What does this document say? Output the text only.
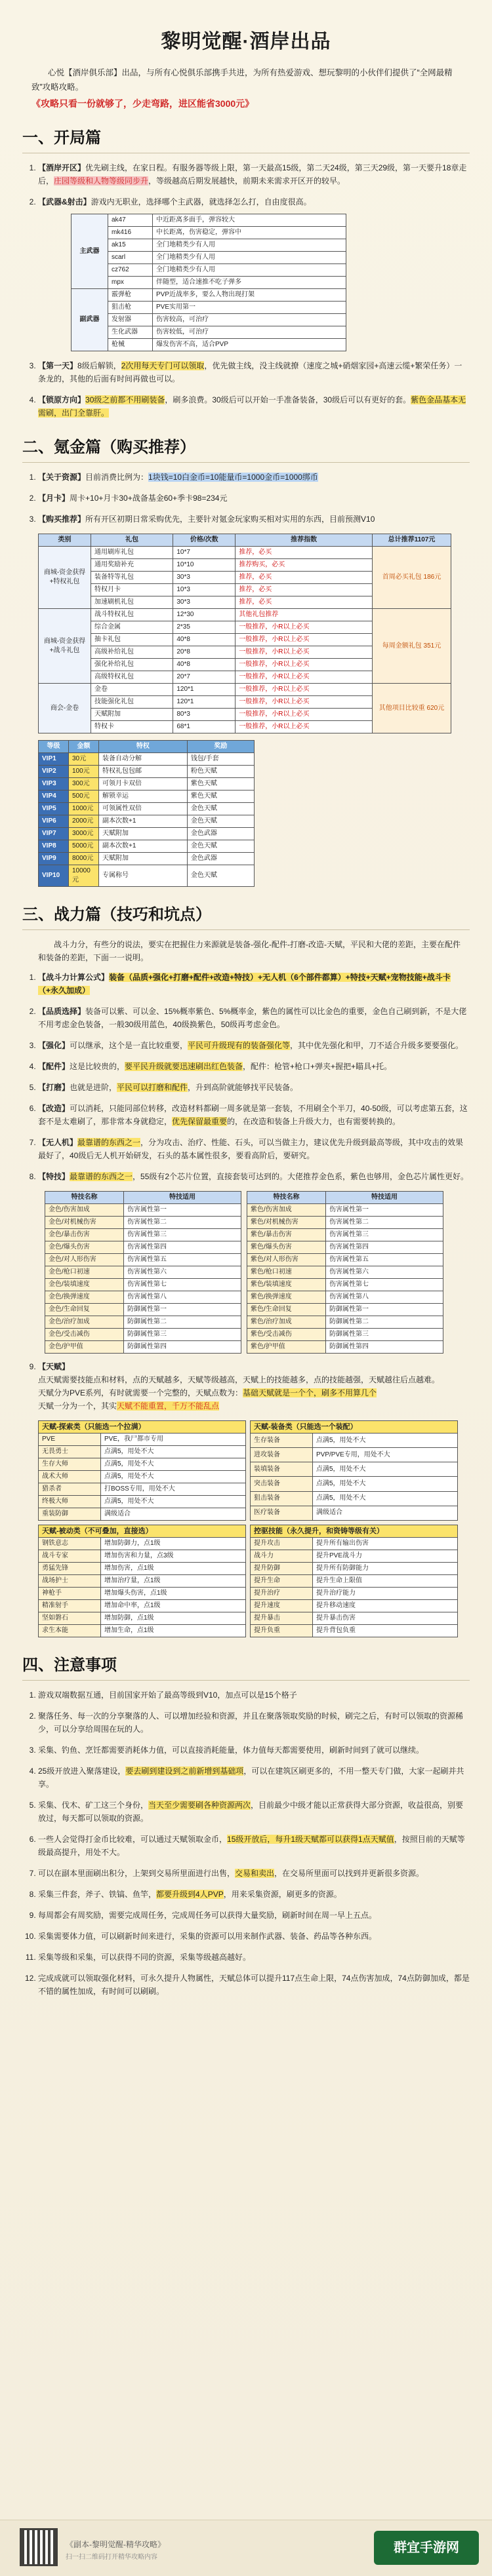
黎明觉醒·酒岸出品

心悦【酒岸俱乐部】出品，与所有心悦俱乐部携手共进，为所有热爱游戏、想玩黎明的小伙伴们提供了“全网最精致”攻略攻略。

《攻略只看一份就够了，少走弯路，进区能省3000元》
一、开局篇
1. 【酒岸开区】优先刷主线，在家日程。有服务器等级上限，第一天最高15级，第二天24级，第三天29级，第一天要升18章走后，庄园等级和人物等级同步升，等级越高后期发展越快，前期未来需求开区开的较早。
2. 【武器&射击】游戏内无职业，选择哪个主武器，就选择怎么打，自由度很高。
主武器	ak47	中近距离多面手，弹容较大
	mk416	中长距离，伤害稳定，弹容中
	ak15	全门地精类少有人用
	scarl	全门地精类少有人用
	cz762	全门地精类少有人用
	mpx	伴随型，适合速推不吃子弹多
副武器	霰弹枪	PVP近战率多，要么人物出现打架
	狙击枪	PVE实用第一
	发射器	伤害较高，可治疗
	生化武器	伤害较低，可治疗
	枪械	爆发伤害不高，适合PVP
3. 【第一天】8级后解锁，2次用每天专门可以领取，优先做主线，没主线就撩（速度之城+硝烟家园+高速云缆+繁荣任务）一条龙的，其他的后面有时间再做也可以。
4. 【锁原方向】30级之前都不用刷装备，刷多浪费。30级后可以开始一手准备装备，30级后可以有更好的套。紫色金品基本无需刷，出门全靠肝。
二、氪金篇（购买推荐）
1. 【关于资源】目前消费比例为：1块钱=10白金币=10能量币=1000金币=1000绑币
2. 【月卡】周卡+10+月卡30+战备基金60+季卡98=234元
3. 【购买推荐】所有开区初期日常采购优先，主要针对氪金玩家购买相对实用的东西，目前预测V10
类别	礼包	价格/次数	推荐指数	总计推荐1107元
商城-资金获得+特权礼包	通用刷库礼包	10*7	推荐，必买	首周必买礼包 186元
	通用奖励补充	10*10	推荐购买，必买	
	装备特等礼包	30*3	推荐，必买	
	特权月卡	10*3	推荐，必买	
	加速刷机礼包	30*3	推荐，必买	
商城-资金获得+战斗礼包	战斗特权礼包	12*30	其他礼包推荐	每周金额礼包 351元
	综合金属	2*35	一般推荐，小R以上必买	
	抽卡礼包	40*8	一般推荐，小R以上必买	
	高级补给礼包	20*8	一般推荐，小R以上必买	
	强化补给礼包	40*8	一般推荐，小R以上必买	
	高级特权礼包	20*7	一般推荐，小R以上必买	
商会-金卷	金卷	120*1	一般推荐，小R以上必买	其他项目比较重 620元
	技能强化礼包	120*1	一般推荐，小R以上必买	
	天赋附加	80*3	一般推荐，小R以上必买	
	特权卡	68*1	一般推荐，小R以上必买	
等级	金额	特权	奖励
VIP1	30元	装备自动分解	钱包/手套
VIP2	100元	特权礼包包邮	粉色天赋
VIP3	300元	可领月卡双倍	紫色天赋
VIP4	500元	解锁幸运	紫色天赋
VIP5	1000元	可领属性双倍	金色天赋
VIP6	2000元	副本次数+1	金色天赋
VIP7	3000元	天赋附加	金色武器
VIP8	5000元	副本次数+1	金色天赋
VIP9	8000元	天赋附加	金色武器
VIP10	10000元	专属称号	金色天赋
三、战力篇（技巧和坑点）

战斗力分，有些分的说法，要实在把握住力来源就是装备-强化-配件-打磨-改造-天赋，平民和大佬的差距，主要在配件和装备的差距，下面一一说明。

1. 【战斗力计算公式】装备（品质+强化+打磨+配件+改造+特技）+无人机（6个部件都算）+特技+天赋+宠物技能+战斗卡（+永久加成）
2. 【品质选择】装备可以紫、可以金、15%概率紫色、5%概率金，紫色的属性可以比金色的重要，金色自己刷到新，不是大佬不用考虑金色装备，一般30级用蓝色，40级换紫色，50级再考虑金色。
3. 【强化】可以继承，这个是一直比较重要，平民可升级现有的装备强化等，其中优先强化和甲，刀不适合升级多要要强化。
4. 【配件】这是比较贵的，要平民升级就要迅速刷出红色装备，配件：枪管+枪口+弹夹+握把+瞄具+托。
5. 【打磨】也就是进阶，平民可以打磨和配件，升到高阶就能够找平民装备。
6. 【改造】可以消耗，只能同部位转移，改造材料都刷一周多就是第一套装，不用刷全个半刀，40-50级，可以考虑第五套，这套不是太难刷了，那非常本身就稳定，优先保留最重要的，在改造和装备上升级大力，也有需要转换的。
7. 【无人机】最靠谱的东西之一，分为攻击、治疗、性能、石头，可以当做主力，建议优先升级到最高等级，其中攻击的效果最好了，40级后无人机开始研发，石头的基本属性很多，要看高阶后，要研究。
8. 【特技】最靠谱的东西之一，55级有2个芯片位置，直接套装可达到的。大佬推荐金色系，紫色也够用，金色芯片属性更好。
特技名称	特技适用
金色/伤害加成	伤害属性第一
金色/对机械伤害	伤害属性第二
金色/暴击伤害	伤害属性第三
金色/爆头伤害	伤害属性第四
金色/对人形伤害	伤害属性第五
金色/枪口初速	伤害属性第六
金色/装填速度	伤害属性第七
金色/换弹速度	伤害属性第八
金色/生命回复	防御属性第一
金色/治疗加成	防御属性第二
金色/受击减伤	防御属性第三
金色/护甲值	防御属性第四
特技名称	特技适用
紫色/伤害加成	伤害属性第一
紫色/对机械伤害	伤害属性第二
紫色/暴击伤害	伤害属性第三
紫色/爆头伤害	伤害属性第四
紫色/对人形伤害	伤害属性第五
紫色/枪口初速	伤害属性第六
紫色/装填速度	伤害属性第七
紫色/换弹速度	伤害属性第八
紫色/生命回复	防御属性第一
紫色/治疗加成	防御属性第二
紫色/受击减伤	防御属性第三
紫色/护甲值	防御属性第四
9. 【天赋】
点天赋需要技能点和材料，点的天赋越多，天赋等级越高，天赋上的技能越多，点的技能越强，天赋越往后点越难。
天赋分为PVE系列，有时就需要一个完整的，天赋点数为：基础天赋就是一个个，刷多不用算几个
天赋一分为一个，其实天赋不能重置，千万不能乱点
天赋-探索类（只能选一个拉满）	
PVE	PVE，我尸都市专用
无畏勇士	点满5，用处不大
生存大师	点满5，用处不大
战术大师	点满5，用处不大
猎杀者	打BOSS专用，用处不大
终极大师	点满5，用处不大
重装防御	满级适合
天赋-装备类（只能选一个装配）	
生存装备	点满5，用处不大
进攻装备	PVP/PVE专用，用处不大
装填装备	点满5，用处不大
突击装备	点满5，用处不大
狙击装备	点满5，用处不大
医疗装备	满级适合
天赋-被动类（不可叠加，直接选）	
钢铁意志	增加防御力，点1级
战斗专家	增加伤害和力量，点3级
勇猛先锋	增加伤害，点1级
战场护士	增加治疗量，点1级
神枪手	增加爆头伤害，点1级
精准射手	增加命中率，点1级
坚如磐石	增加防御，点1级
求生本能	增加生命，点1级
控驱技能（永久提升，和资铸等级有关）	
提升攻击	提升所有输出伤害
战斗力	提升PVE战斗力
提升防御	提升所有防御能力
提升生命	提升生命上限值
提升治疗	提升治疗能力
提升速度	提升移动速度
提升暴击	提升暴击伤害
提升负重	提升背包负重
四、注意事项
1. 游戏双端数据互通，目前国家开始了最高等级到V10，加点可以是15个格子
2. 聚落任务、每一次的分享聚落的人、可以增加经验和资源，并且在聚落领取奖励的时候，刷完之后，有时可以领取的资源稀少，可以分享给周围在玩的人。
3. 采集、钓鱼、烹饪都需要消耗体力值，可以直接消耗能量，体力值每天都需要使用，刷新时间到了就可以继续。
4. 25级开放进入聚落建设，要去刷到建设到之前新增到基础项，可以在建筑区刷更多的，不用一整天专门做，大家一起刷并共享。
5. 采集、伐木、矿工这三个身份，当天至少需要刷各种资源两次，目前最少中级才能以正常获得大部分资源，收益很高，别要放过，每天都可以领取的资源。
6. 一些人会觉得打金币比较难，可以通过天赋领取金币，15级开放后，每升1级天赋都可以获得1点天赋值，按照目前的天赋等级最高提升，用处不大。
7. 可以在副本里面刷出积分，上架到交易所里面进行出售，交易和卖出，在交易所里面可以找到并更新很多资源。
8. 采集三件套，斧子、铁镐、鱼竿，都要升级到4人PVP，用来采集资源，刷更多的资源。
9. 每周都会有周奖励，需要完成周任务，完成周任务可以获得大量奖励，刷新时间在周一早上五点。
10. 采集需要体力值，可以刷新时间来进行，采集的资源可以用来制作武器、装备、药品等各种东西。
11. 采集等级和采集，可以获得不同的资源，采集等级越高越好。
12. 完成成就可以领取强化材料，可永久提升人物属性，天赋总体可以提升117点生命上限，74点伤害加成，74点防御加成，都是不错的属性加成，有时间可以刷刷。
《副本-黎明觉醒-精华攻略》
扫一扫二维码打开精华攻略内容
群宜手游网
